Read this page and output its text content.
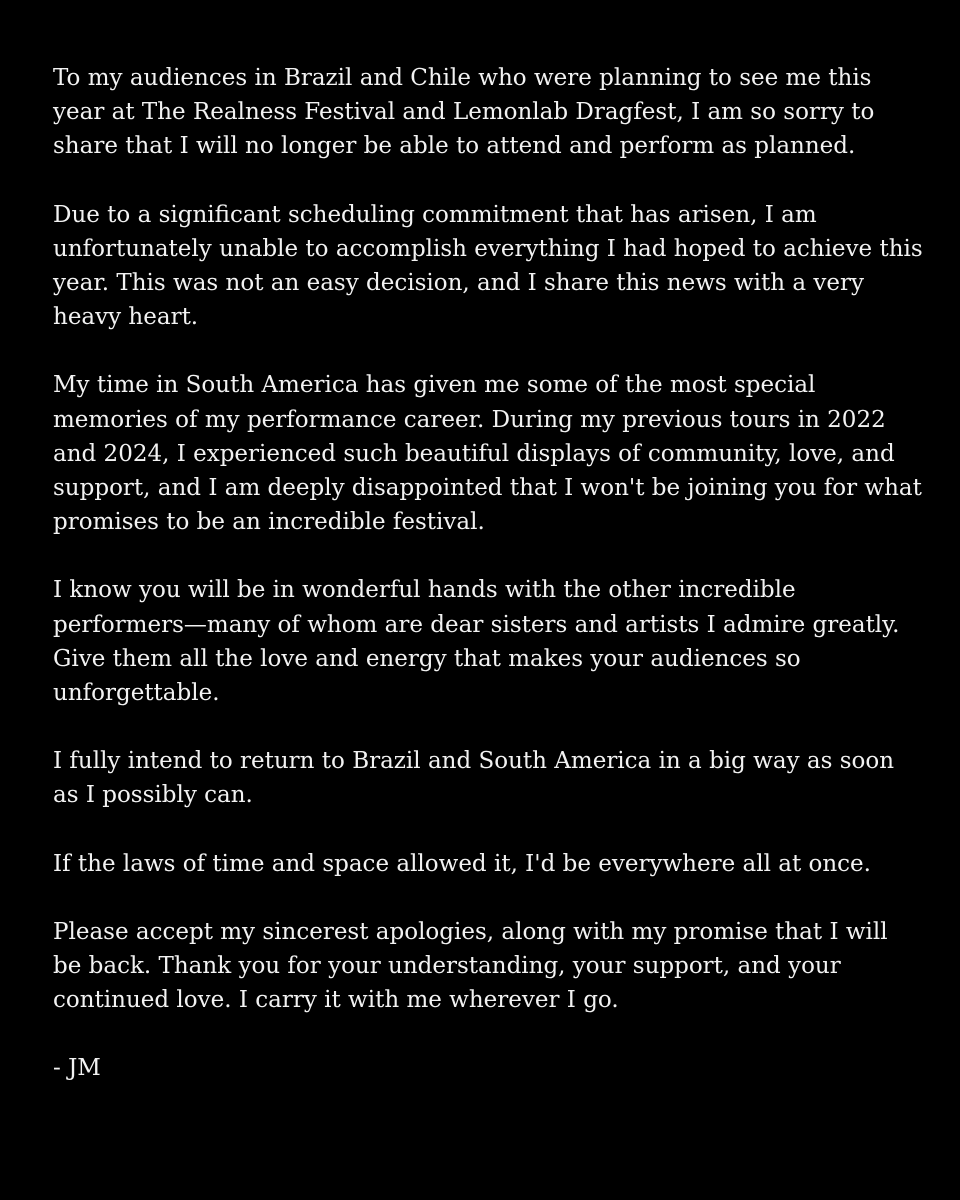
To my audiences in Brazil and Chile who were planning to see me this year at The Realness Festival and Lemonlab Dragfest, I am so sorry to share that I will no longer be able to attend and perform as planned.

Due to a significant scheduling commitment that has arisen, I am unfortunately unable to accomplish everything I had hoped to achieve this year. This was not an easy decision, and I share this news with a very heavy heart.

My time in South America has given me some of the most special memories of my performance career. During my previous tours in 2022 and 2024, I experienced such beautiful displays of community, love, and support, and I am deeply disappointed that I won't be joining you for what promises to be an incredible festival.

I know you will be in wonderful hands with the other incredible performers—many of whom are dear sisters and artists I admire greatly. Give them all the love and energy that makes your audiences so unforgettable.

I fully intend to return to Brazil and South America in a big way as soon as I possibly can.

If the laws of time and space allowed it, I'd be everywhere all at once.

Please accept my sincerest apologies, along with my promise that I will be back. Thank you for your understanding, your support, and your continued love. I carry it with me wherever I go.

- JM
